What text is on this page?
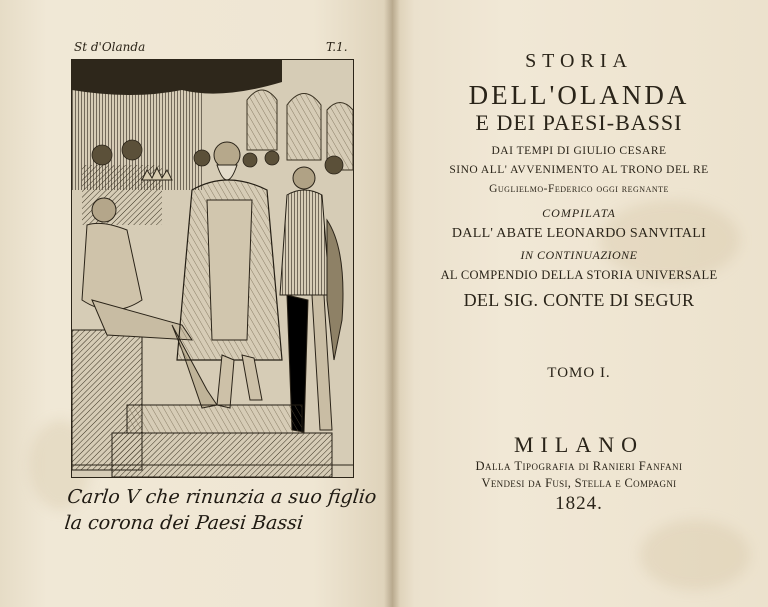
St d'Olanda	T.1.
Carlo V che rinunzia a suo figlio la corona dei Paesi Bassi
STORIA
DELL'OLANDA
E DEI PAESI-BASSI
DAI TEMPI DI GIULIO CESARE
SINO ALL' AVVENIMENTO AL TRONO DEL RE
Guglielmo-Federico oggi regnante
COMPILATA
DALL' ABATE LEONARDO SANVITALI
IN CONTINUAZIONE
AL COMPENDIO DELLA STORIA UNIVERSALE
DEL SIG. CONTE DI SEGUR
TOMO I.
MILANO
Dalla Tipografia di Ranieri Fanfani
Vendesi da Fusi, Stella e Compagni
1824.
